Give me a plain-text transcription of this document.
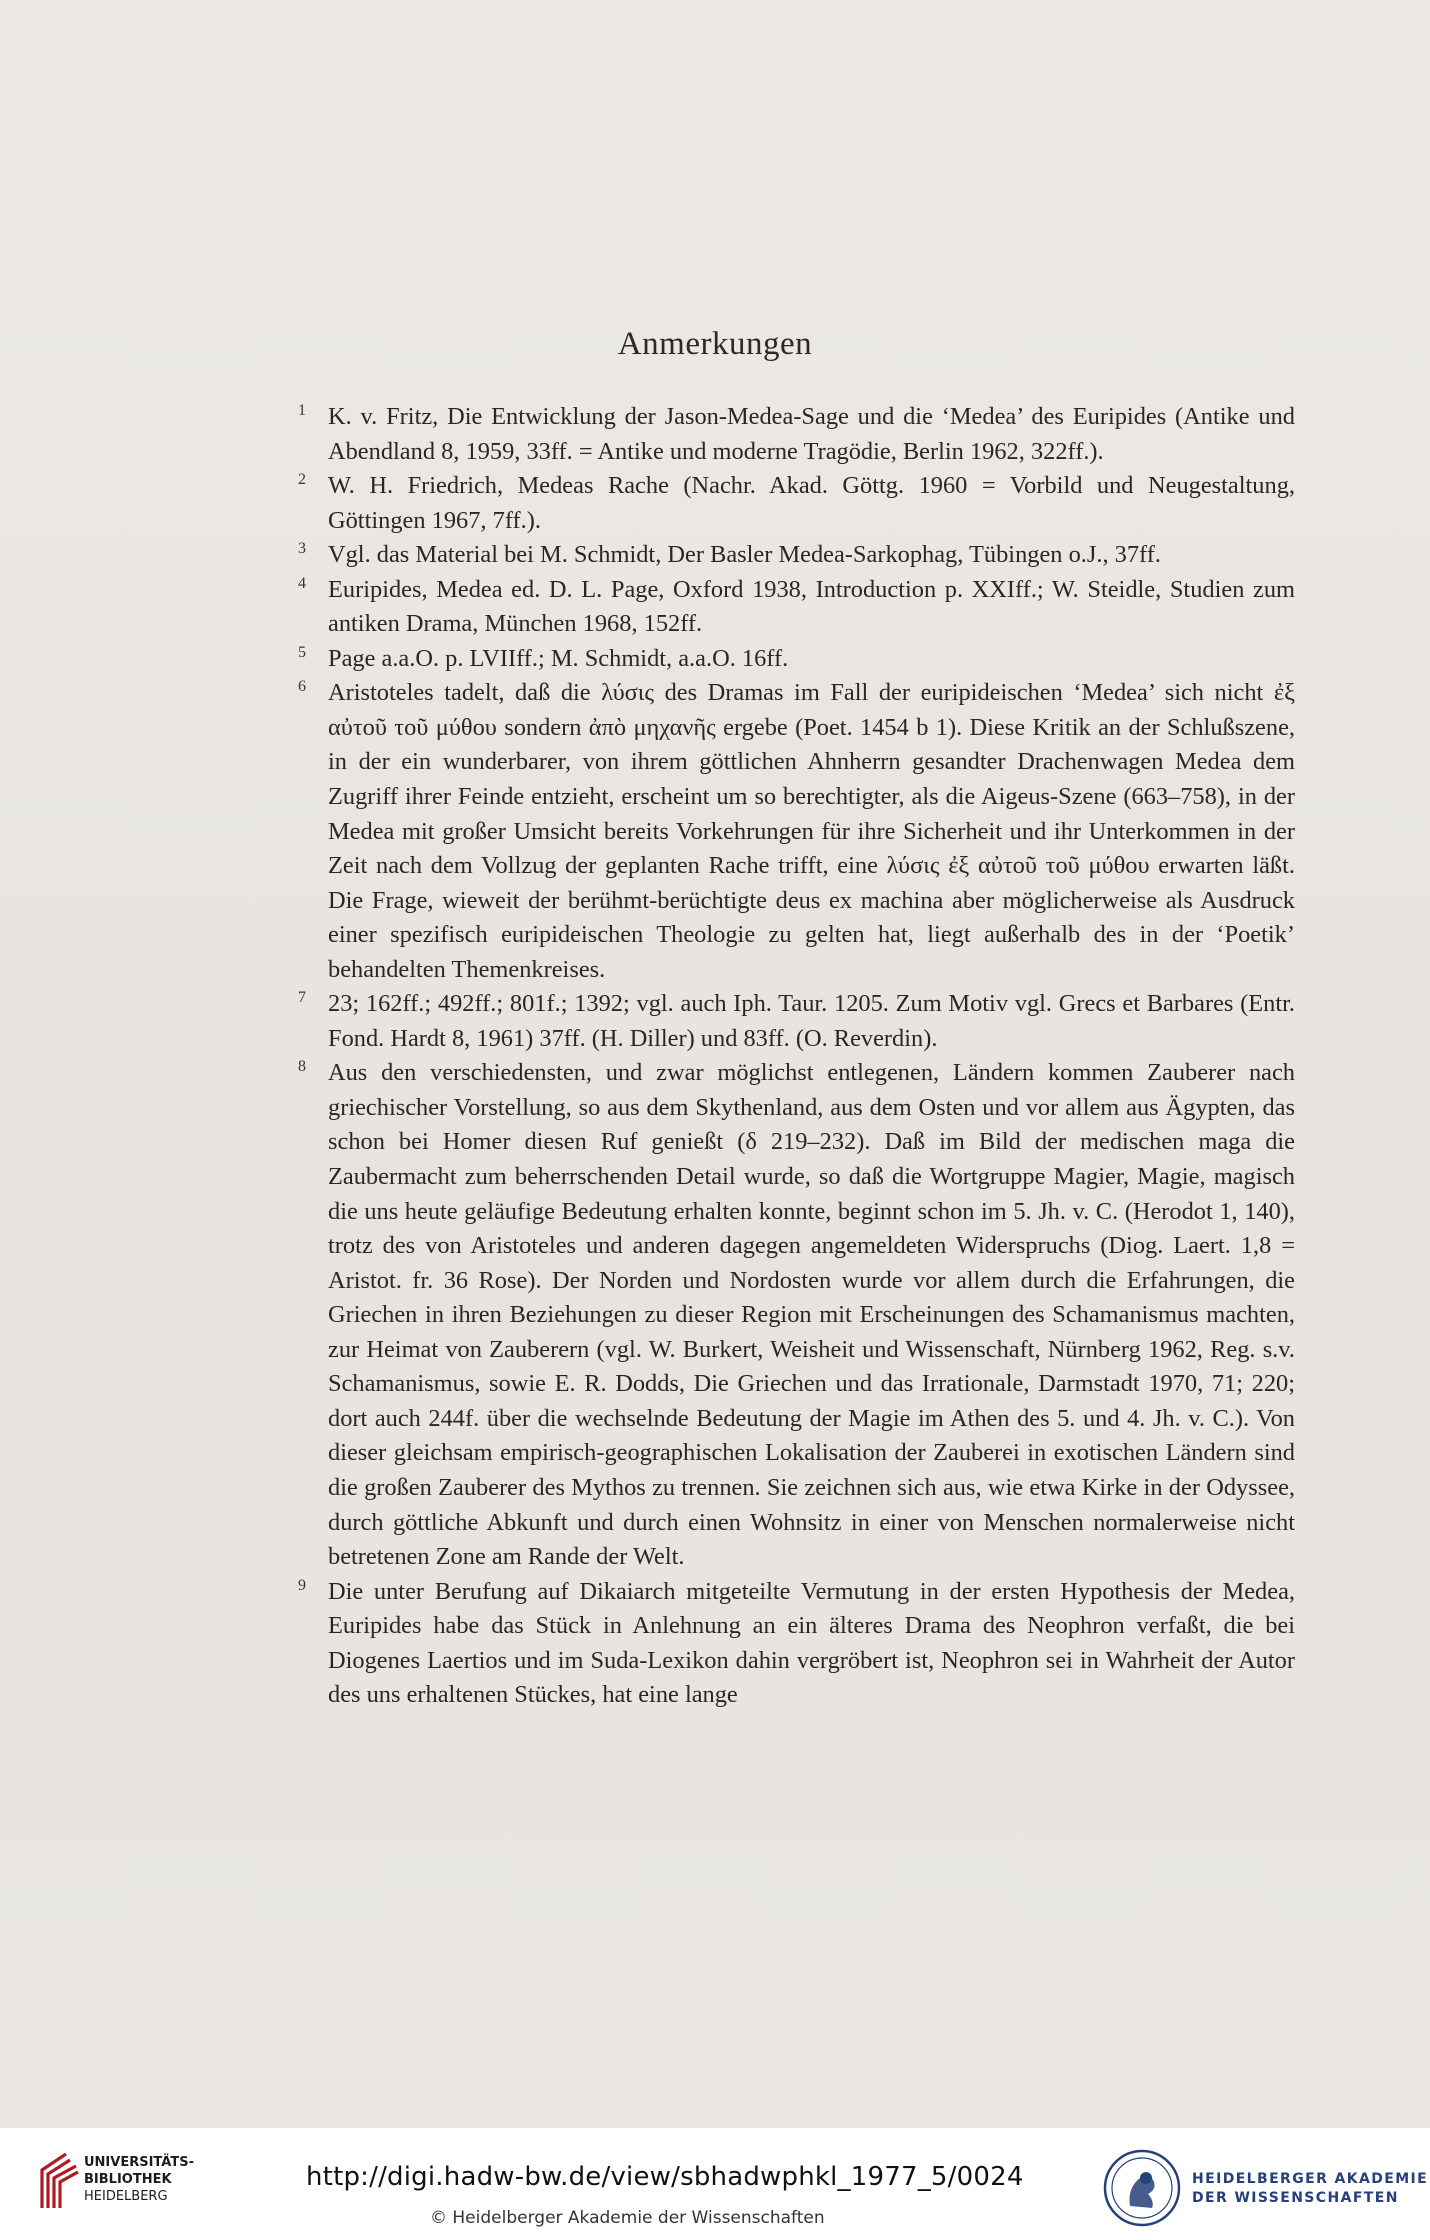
Anmerkungen

1 K. v. Fritz, Die Entwicklung der Jason-Medea-Sage und die ‘Medea’ des Euripides (Antike und Abendland 8, 1959, 33ff. = Antike und moderne Tragödie, Berlin 1962, 322ff.).

2 W. H. Friedrich, Medeas Rache (Nachr. Akad. Göttg. 1960 = Vorbild und Neugestaltung, Göttingen 1967, 7ff.).

3 Vgl. das Material bei M. Schmidt, Der Basler Medea-Sarkophag, Tübingen o.J., 37ff.

4 Euripides, Medea ed. D. L. Page, Oxford 1938, Introduction p. XXIff.; W. Steidle, Studien zum antiken Drama, München 1968, 152ff.

5 Page a.a.O. p. LVIIff.; M. Schmidt, a.a.O. 16ff.

6 Aristoteles tadelt, daß die λύσις des Dramas im Fall der euripideischen ‘Medea’ sich nicht ἐξ αὐτοῦ τοῦ μύθου sondern ἀπὸ μηχανῆς ergebe (Poet. 1454 b 1). Diese Kritik an der Schlußszene, in der ein wunderbarer, von ihrem göttlichen Ahnherrn gesandter Drachenwagen Medea dem Zugriff ihrer Feinde entzieht, erscheint um so berechtigter, als die Aigeus-Szene (663–758), in der Medea mit großer Umsicht bereits Vorkehrungen für ihre Sicherheit und ihr Unterkommen in der Zeit nach dem Vollzug der geplanten Rache trifft, eine λύσις ἐξ αὐτοῦ τοῦ μύθου erwarten läßt. Die Frage, wieweit der berühmt-berüchtigte deus ex machina aber möglicherweise als Ausdruck einer spezifisch euripideischen Theologie zu gelten hat, liegt außerhalb des in der ‘Poetik’ behandelten Themenkreises.

7 23; 162ff.; 492ff.; 801f.; 1392; vgl. auch Iph. Taur. 1205. Zum Motiv vgl. Grecs et Barbares (Entr. Fond. Hardt 8, 1961) 37ff. (H. Diller) und 83ff. (O. Reverdin).

8 Aus den verschiedensten, und zwar möglichst entlegenen, Ländern kommen Zauberer nach griechischer Vorstellung, so aus dem Skythenland, aus dem Osten und vor allem aus Ägypten, das schon bei Homer diesen Ruf genießt (δ 219–232). Daß im Bild der medischen maga die Zaubermacht zum beherrschenden Detail wurde, so daß die Wortgruppe Magier, Magie, magisch die uns heute geläufige Bedeutung erhalten konnte, beginnt schon im 5. Jh. v. C. (Herodot 1, 140), trotz des von Aristoteles und anderen dagegen angemeldeten Widerspruchs (Diog. Laert. 1,8 = Aristot. fr. 36 Rose). Der Norden und Nordosten wurde vor allem durch die Erfahrungen, die Griechen in ihren Beziehungen zu dieser Region mit Erscheinungen des Schamanismus machten, zur Heimat von Zauberern (vgl. W. Burkert, Weisheit und Wissenschaft, Nürnberg 1962, Reg. s.v. Schamanismus, sowie E. R. Dodds, Die Griechen und das Irrationale, Darmstadt 1970, 71; 220; dort auch 244f. über die wechselnde Bedeutung der Magie im Athen des 5. und 4. Jh. v. C.). Von dieser gleichsam empirisch-geographischen Lokalisation der Zauberei in exotischen Ländern sind die großen Zauberer des Mythos zu trennen. Sie zeichnen sich aus, wie etwa Kirke in der Odyssee, durch göttliche Abkunft und durch einen Wohnsitz in einer von Menschen normalerweise nicht betretenen Zone am Rande der Welt.

9 Die unter Berufung auf Dikaiarch mitgeteilte Vermutung in der ersten Hypothesis der Medea, Euripides habe das Stück in Anlehnung an ein älteres Drama des Neophron verfaßt, die bei Diogenes Laertios und im Suda-Lexikon dahin vergröbert ist, Neophron sei in Wahrheit der Autor des uns erhaltenen Stückes, hat eine lange

UNIVERSITÄTS-
BIBLIOTHEK
HEIDELBERG
http://digi.hadw-bw.de/view/sbhadwphkl_1977_5/0024
© Heidelberger Akademie der Wissenschaften
HEIDELBERGER AKADEMIE
DER WISSENSCHAFTEN
